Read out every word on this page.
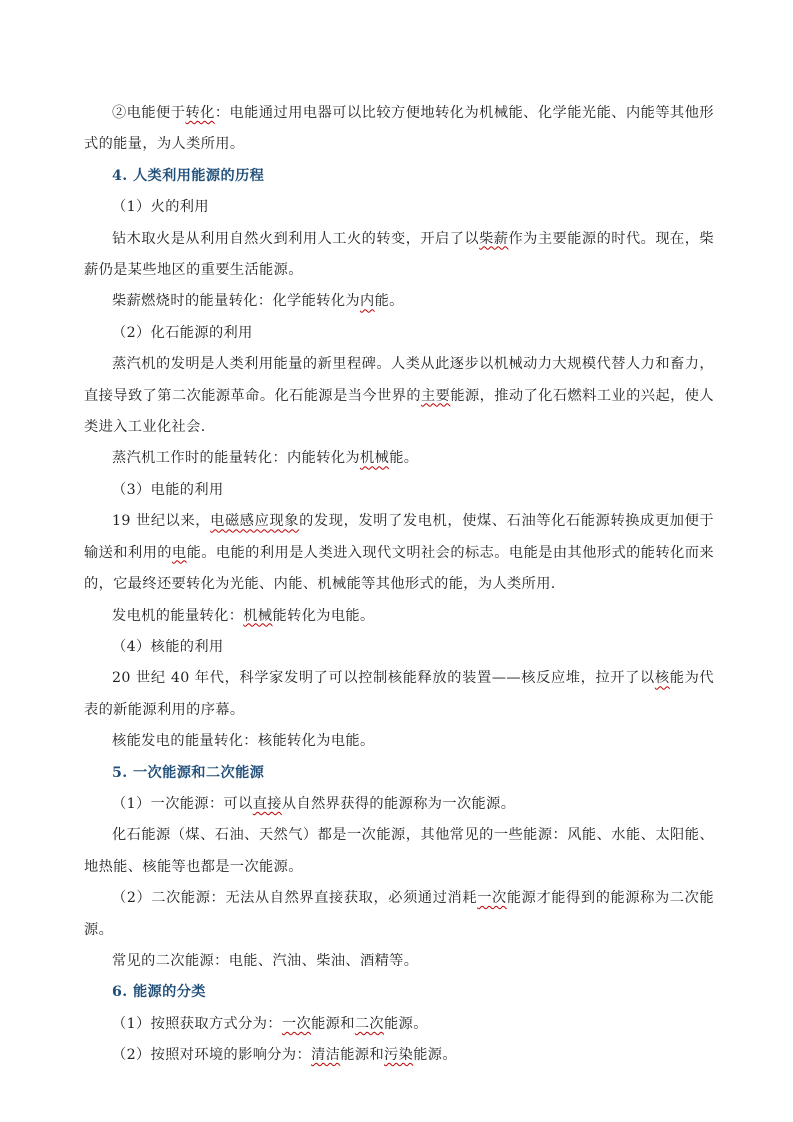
②电能便于转化：电能通过用电器可以比较方便地转化为机械能、化学能光能、内能等其他形式的能量，为人类所用。

4. 人类利用能源的历程

（1）火的利用

钻木取火是从利用自然火到利用人工火的转变，开启了以柴薪作为主要能源的时代。现在，柴薪仍是某些地区的重要生活能源。

柴薪燃烧时的能量转化：化学能转化为内能。

（2）化石能源的利用

蒸汽机的发明是人类利用能量的新里程碑。人类从此逐步以机械动力大规模代替人力和畜力，直接导致了第二次能源革命。化石能源是当今世界的主要能源，推动了化石燃料工业的兴起，使人类进入工业化社会.

蒸汽机工作时的能量转化：内能转化为机械能。

（3）电能的利用

19 世纪以来，电磁感应现象的发现，发明了发电机，使煤、石油等化石能源转换成更加便于输送和利用的电能。电能的利用是人类进入现代文明社会的标志。电能是由其他形式的能转化而来的，它最终还要转化为光能、内能、机械能等其他形式的能，为人类所用.

发电机的能量转化：机械能转化为电能。

（4）核能的利用

20 世纪 40 年代，科学家发明了可以控制核能释放的装置——核反应堆，拉开了以核能为代表的新能源利用的序幕。

核能发电的能量转化：核能转化为电能。

5. 一次能源和二次能源

（1）一次能源：可以直接从自然界获得的能源称为一次能源。

化石能源（煤、石油、天然气）都是一次能源，其他常见的一些能源：风能、水能、太阳能、地热能、核能等也都是一次能源。

（2）二次能源：无法从自然界直接获取，必须通过消耗一次能源才能得到的能源称为二次能源。

常见的二次能源：电能、汽油、柴油、酒精等。

6. 能源的分类

（1）按照获取方式分为：一次能源和二次能源。

（2）按照对环境的影响分为：清洁能源和污染能源。
